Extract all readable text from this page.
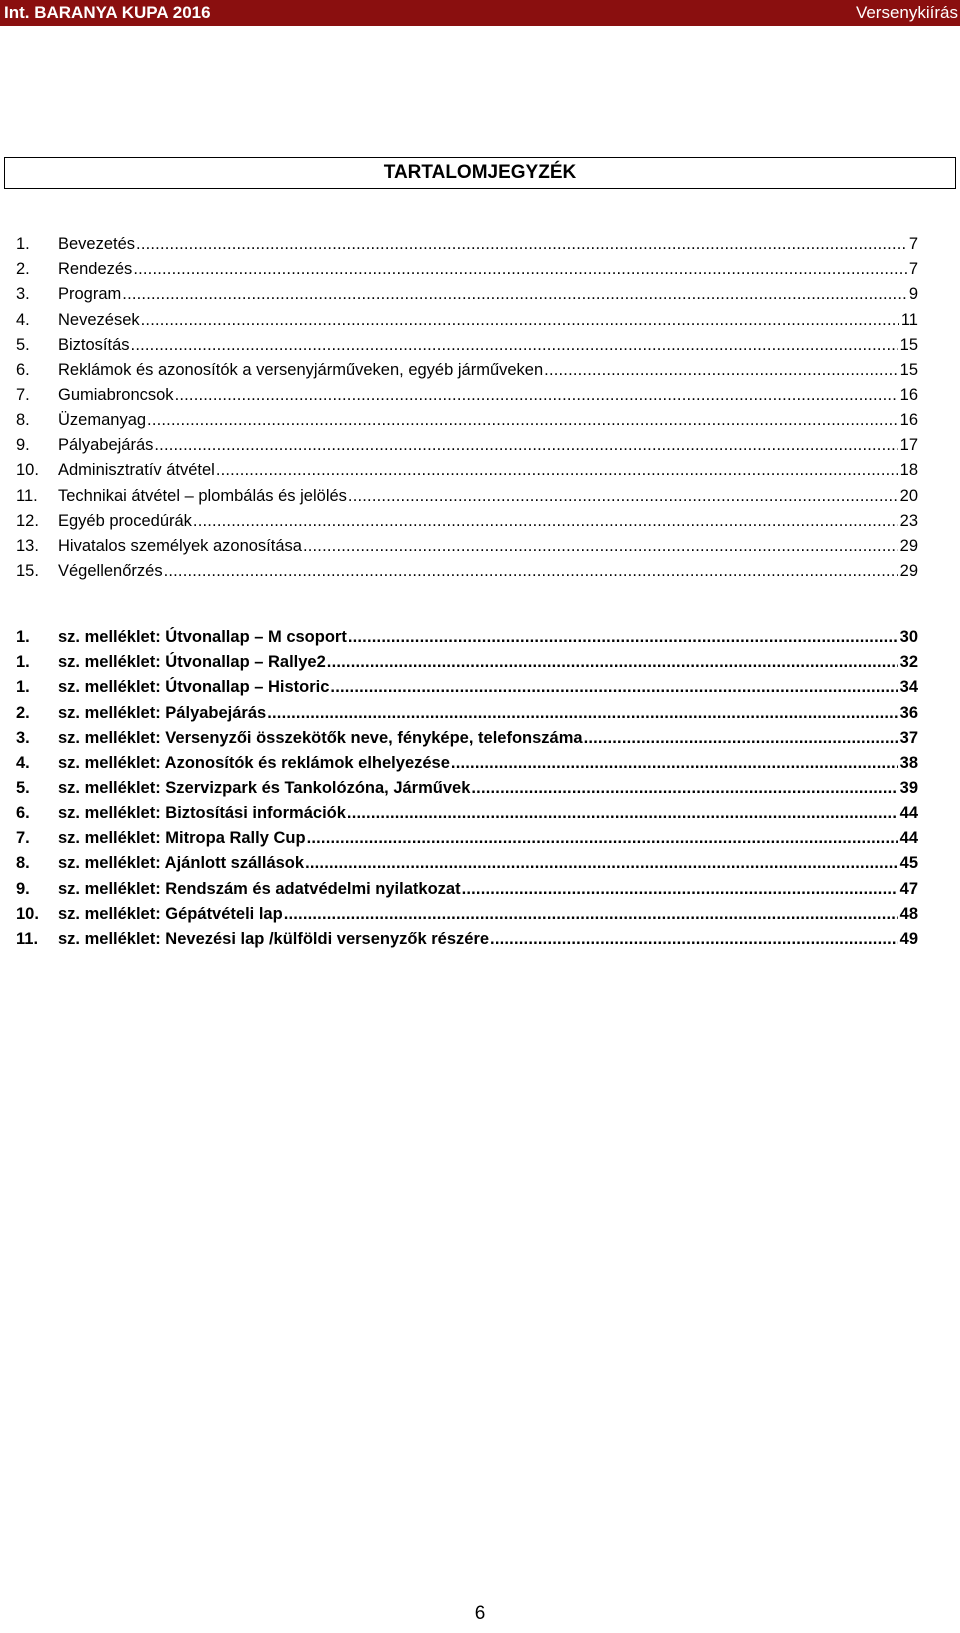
Int. BARANYA KUPA 2016	Versenykiírás
TARTALOMJEGYZÉK
1.	Bevezetés .....	7
2.	Rendezés .....	7
3.	Program .....	9
4.	Nevezések .....	11
5.	Biztosítás .....	15
6.	Reklámok és azonosítók a versenyjárműveken, egyéb járműveken .....	15
7.	Gumiabroncsok .....	16
8.	Üzemanyag .....	16
9.	Pályabejárás .....	17
10.	Adminisztratív átvétel .....	18
11.	Technikai átvétel – plombálás és jelölés .....	20
12.	Egyéb procedúrák .....	23
13.	Hivatalos személyek azonosítása .....	29
15.	Végellenőrzés .....	29
1.	sz. melléklet: Útvonallap – M csoport .....	30
1.	sz. melléklet: Útvonallap – Rallye2 .....	32
1.	sz. melléklet: Útvonallap – Historic .....	34
2.	sz. melléklet: Pályabejárás .....	36
3.	sz. melléklet: Versenyzői összekötők neve, fényképe, telefonszáma .....	37
4.	sz. melléklet: Azonosítók és reklámok elhelyezése .....	38
5.	sz. melléklet: Szervizpark és Tankolózóna, Járművek .....	39
6.	sz. melléklet: Biztosítási információk .....	44
7.	sz. melléklet: Mitropa Rally Cup .....	44
8.	sz. melléklet: Ajánlott szállások .....	45
9.	sz. melléklet: Rendszám és adatvédelmi nyilatkozat .....	47
10.	sz. melléklet: Gépátvételi lap .....	48
11.	sz. melléklet: Nevezési lap /külföldi versenyzők részére .....	49
6
